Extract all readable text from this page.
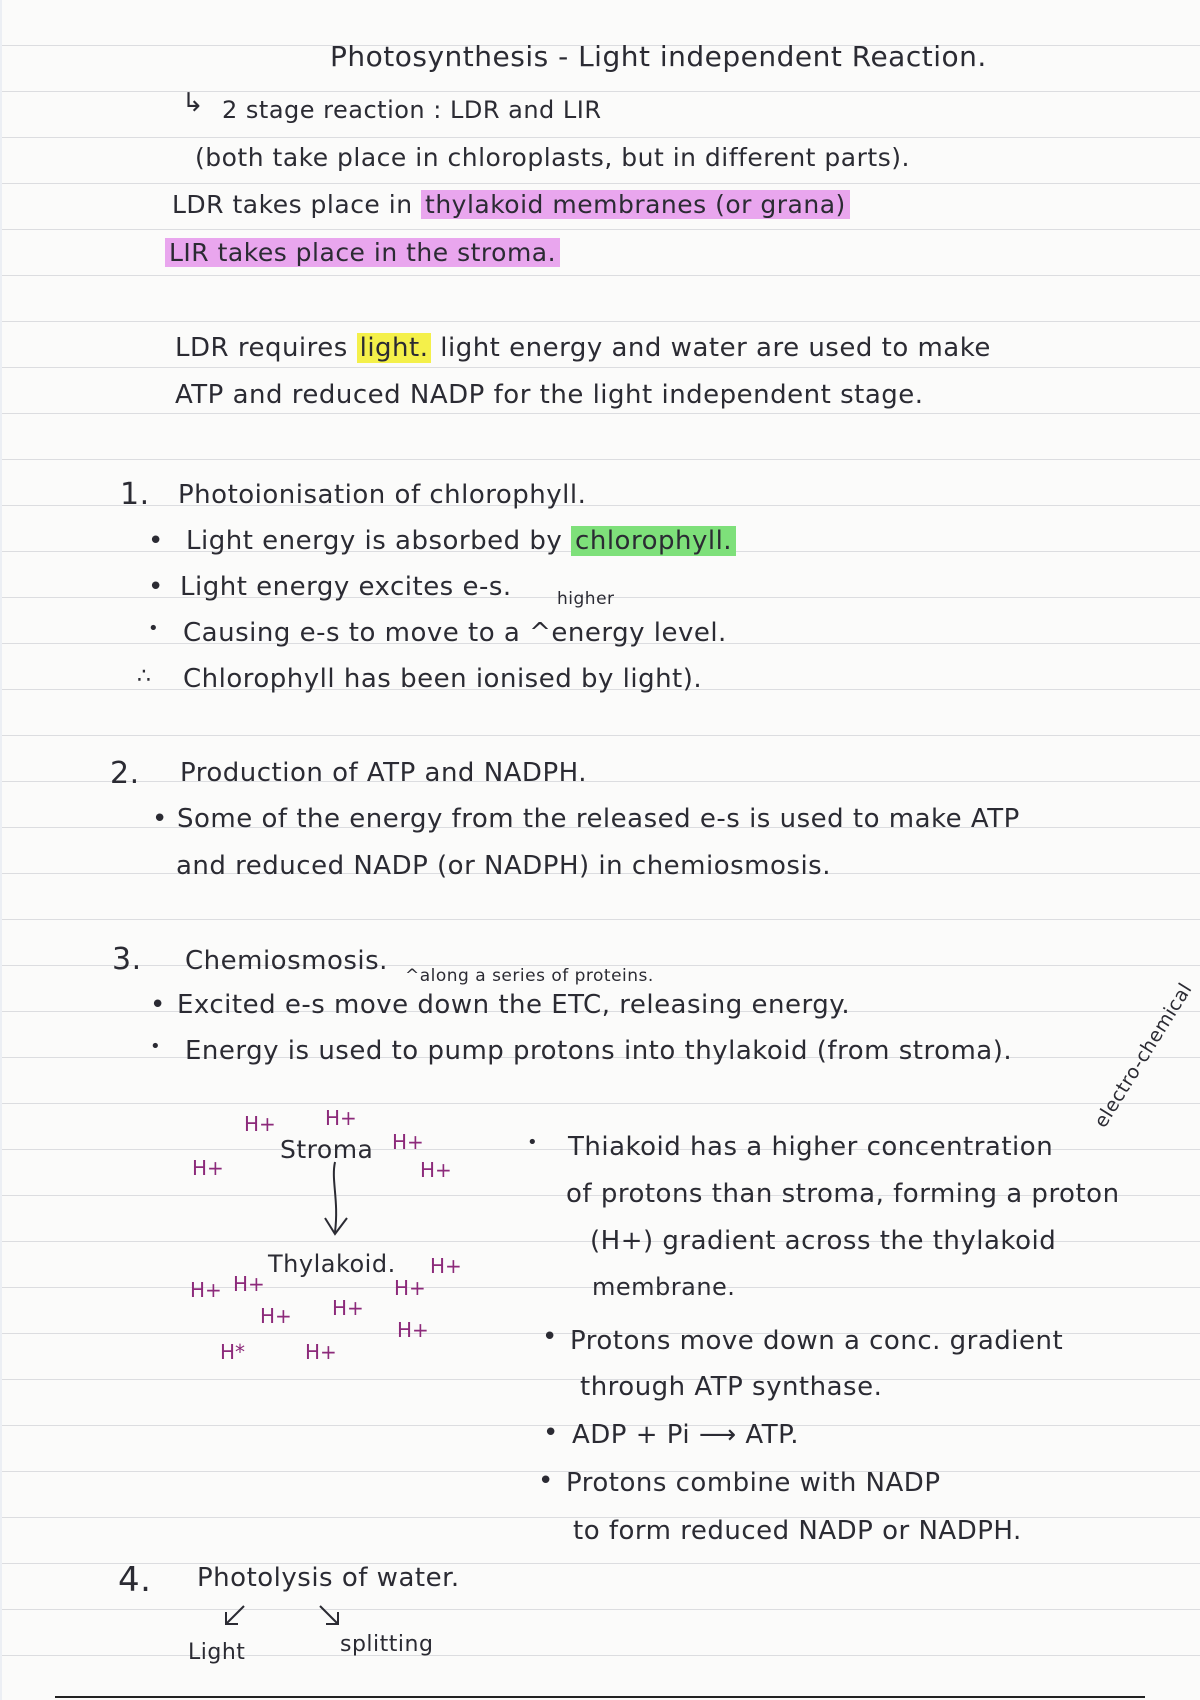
Photosynthesis - Light independent Reaction.
↳ 2 stage reaction : LDR and LIR
(both take place in chloroplasts, but in different parts).
LDR takes place in thylakoid membranes (or grana)
LIR takes place in the stroma.
LDR requires light. light energy and water are used to make
ATP and reduced NADP for the light independent stage.
1. Photoionisation of chlorophyll.
• Light energy is absorbed by chlorophyll.
• Light energy excites e-s.	higher
• Causing e-s to move to a ^energy level.
∴ Chlorophyll has been ionised by light).
2. Production of ATP and NADPH.
• Some of the energy from the released e-s is used to make ATP
and reduced NADP (or NADPH) in chemiosmosis.
3. Chemiosmosis. ^along a series of proteins.
• Excited e-s move down the ETC, releasing energy.
• Energy is used to pump protons into thylakoid (from stroma).
H+ H+
H+
Stroma H+
H+
Thylakoid.
H+ H+
H+
H+
H+ H+
H*	H+
H+
electro-chemical
• Thiakoid has a higher concentration
of protons than stroma, forming a proton
(H+) gradient across the thylakoid
membrane.
• Protons move down a conc. gradient
through ATP synthase.
• ADP + Pi ⟶ ATP.
• Protons combine with NADP
to form reduced NADP or NADPH.
4. Photolysis of water.
Light	splitting
